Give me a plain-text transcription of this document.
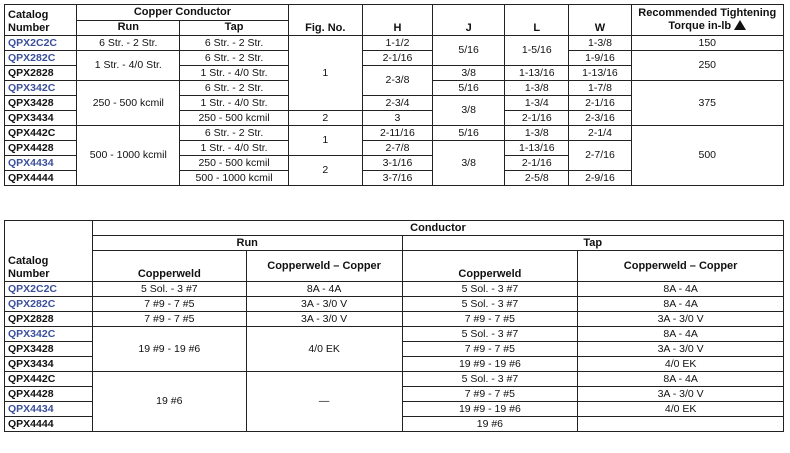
Catalog Number	Copper Conductor		Fig. No.	H	J	L	W	Recommended Tightening Torque in-lb
	Run	Tap						
QPX2C2C	6 Str. - 2 Str.	6 Str. - 2 Str.	1	1-1/2	5/16	1-5/16	1-3/8	150
QPX282C	1 Str. - 4/0 Str.	6 Str. - 2 Str.		2-1/16			1-9/16	250
QPX2828		1 Str. - 4/0 Str.		2-3/8	3/8	1-13/16	1-13/16	
QPX342C	250 - 500 kcmil	6 Str. - 2 Str.			5/16	1-3/8	1-7/8	375
QPX3428		1 Str. - 4/0 Str.		2-3/4	3/8	1-3/4	2-1/16	
QPX3434		250 - 500 kcmil	2	3		2-1/16	2-3/16	
QPX442C	500 - 1000 kcmil	6 Str. - 2 Str.	1	2-11/16	5/16	1-3/8	2-1/4	500
QPX4428		1 Str. - 4/0 Str.		2-7/8	3/8	1-13/16	2-7/16	
QPX4434		250 - 500 kcmil	2	3-1/16		2-1/16		
QPX4444		500 - 1000 kcmil		3-7/16		2-5/8	2-9/16	
Catalog Number	Conductor			
	Run		Tap	
	Copperweld	Copperweld – Copper	Copperweld	Copperweld – Copper
QPX2C2C	5 Sol. - 3 #7	8A - 4A	5 Sol. - 3 #7	8A - 4A
QPX282C	7 #9 - 7 #5	3A - 3/0 V	5 Sol. - 3 #7	8A - 4A
QPX2828	7 #9 - 7 #5	3A - 3/0 V	7 #9 - 7 #5	3A - 3/0 V
QPX342C	19 #9 - 19 #6	4/0 EK	5 Sol. - 3 #7	8A - 4A
QPX3428			7 #9 - 7 #5	3A - 3/0 V
QPX3434			19 #9 - 19 #6	4/0 EK
QPX442C	19 #6	—	5 Sol. - 3 #7	8A - 4A
QPX4428			7 #9 - 7 #5	3A - 3/0 V
QPX4434			19 #9 - 19 #6	4/0 EK
QPX4444			19 #6	
